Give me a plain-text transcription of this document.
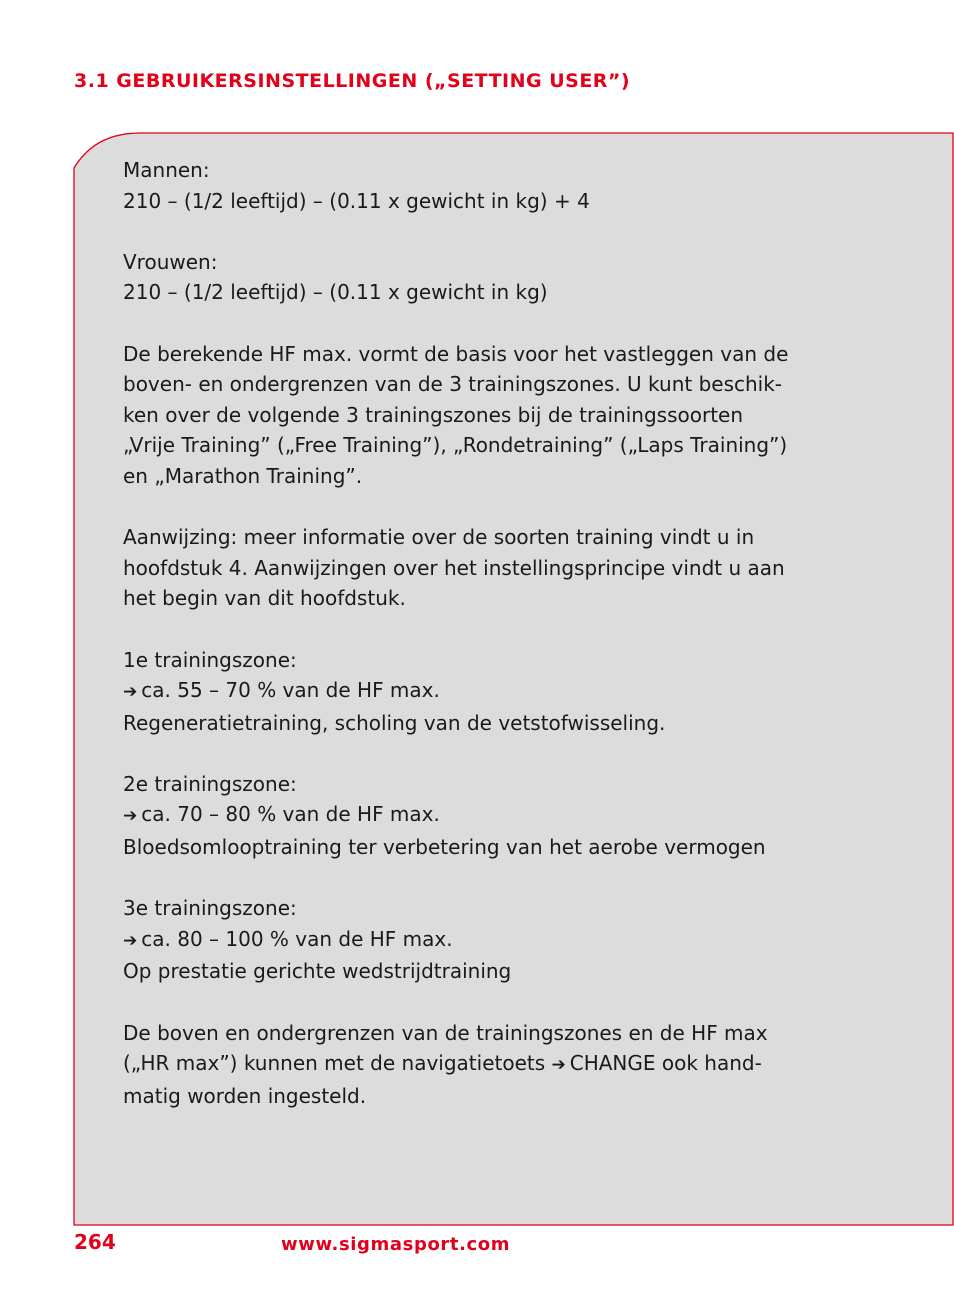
3.1 GEBRUIKERSINSTELLINGEN („SETTING USER”)

Mannen:
210 – (1/2 leeftijd) – (0.11 x gewicht in kg) + 4

Vrouwen:
210 – (1/2 leeftijd) – (0.11 x gewicht in kg)

De berekende HF max. vormt de basis voor het vastleggen van de
boven- en ondergrenzen van de 3 trainingszones. U kunt beschik-
ken over de volgende 3 trainingszones bij de trainingssoorten
„Vrije Training” („Free Training”), „Rondetraining” („Laps Training”)
en „Marathon Training”.

Aanwijzing: meer informatie over de soorten training vindt u in
hoofdstuk 4. Aanwijzingen over het instellingsprincipe vindt u aan
het begin van dit hoofdstuk.

1e trainingszone:
➔ ca. 55 – 70 % van de HF max.
Regeneratietraining, scholing van de vetstofwisseling.

2e trainingszone:
➔ ca. 70 – 80 % van de HF max.
Bloedsomlooptraining ter verbetering van het aerobe vermogen

3e trainingszone:
➔ ca. 80 – 100 % van de HF max.
Op prestatie gerichte wedstrijdtraining

De boven en ondergrenzen van de trainingszones en de HF max
(„HR max”) kunnen met de navigatietoets ➔ CHANGE ook hand-
matig worden ingesteld.

264	www.sigmasport.com
